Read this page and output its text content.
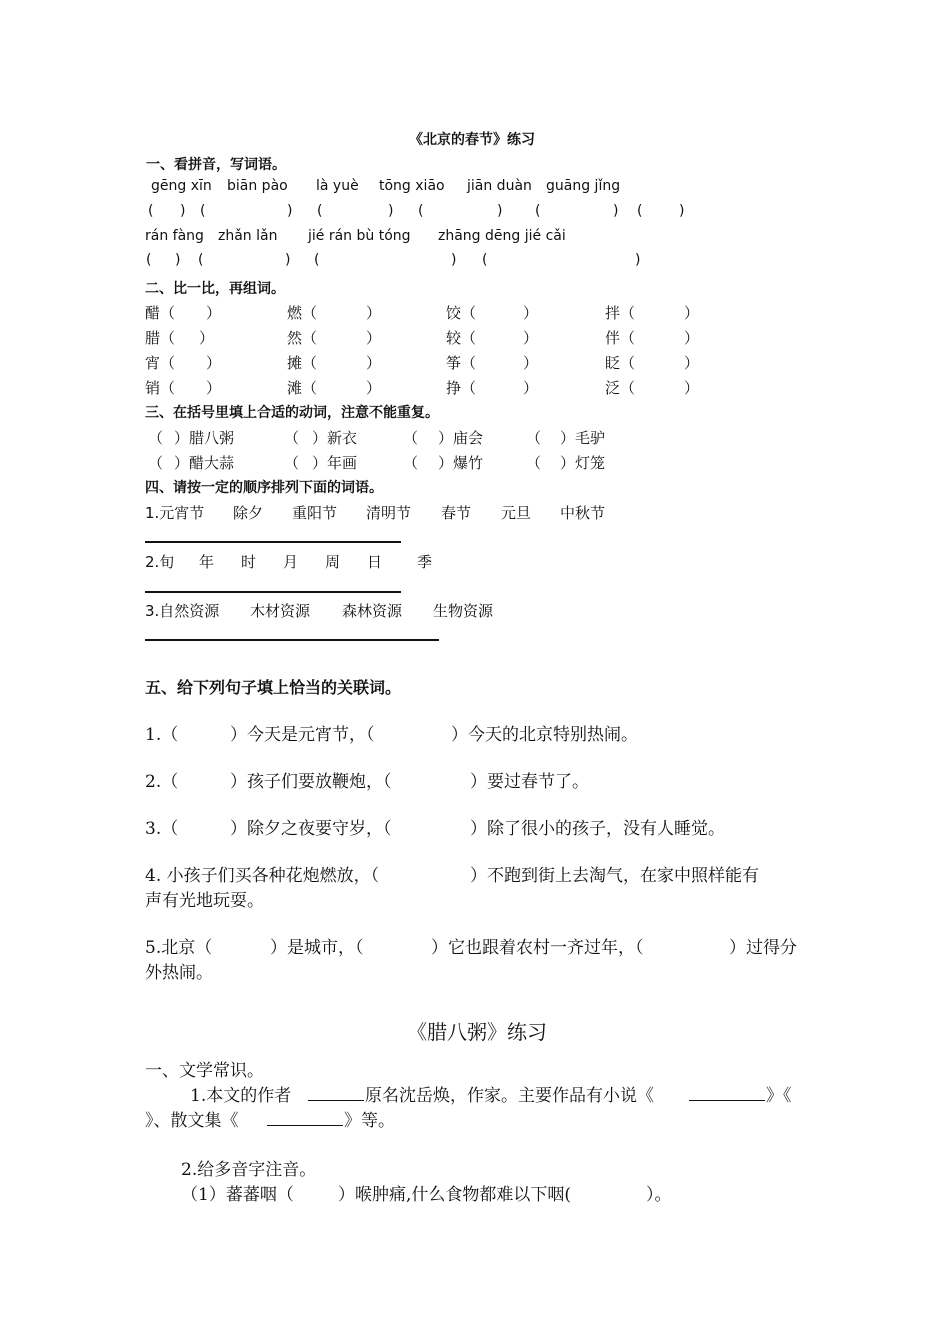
《北京的春节》练习
一、看拼音，写词语。
gēng xīn biān pào là yuè tōng xiāo jiān duàn guāng jǐng
( ) (	) (	) (	) (	) (	)
rán fàng zhǎn lǎn jié rán bù tóng zhāng dēng jié cǎi
( ) (	) (	) (	)
二、比一比，再组词。
醋（ ）	燃（	）	饺（	）	拌（	）
腊（ ）	然（	）	较（	）	伴（	）
宵（ ）	摊（	）	筝（	）	眨（	）
销（ ）	滩（	）	挣（	）	泛（	）
三、在括号里填上合适的动词，注意不能重复。
（ ）腊八粥	（ ）新衣	（ ）庙会	（ ）毛驴
（ ）醋大蒜	（ ）年画	（ ）爆竹	（ ）灯笼
四、请按一定的顺序排列下面的词语。
1.元宵节 除夕 重阳节 清明节 春节 元旦 中秋节
2.旬 年 时 月 周 日 季
3.自然资源 木材资源 森林资源 生物资源
五、给下列句子填上恰当的关联词。
1.（	）今天是元宵节，（	）今天的北京特别热闹。
2.（	）孩子们要放鞭炮，（	）要过春节了。
3.（	）除夕之夜要守岁，（	）除了很小的孩子，没有人睡觉。
4. 小孩子们买各种花炮燃放，（	）不跑到街上去淘气，在家中照样能有
声有光地玩耍。
5.北京（	）是城市，（	）它也跟着农村一齐过年，（	）过得分
外热闹。
《腊八粥》练习
一、文学常识。
1.本文的作者	原名沈岳焕，作家。主要作品有小说《	》《
》、散文集《	》等。
2.给多音字注音。
（1）蕃蕃咽（	）喉肿痛,什么食物都难以下咽(	）。
